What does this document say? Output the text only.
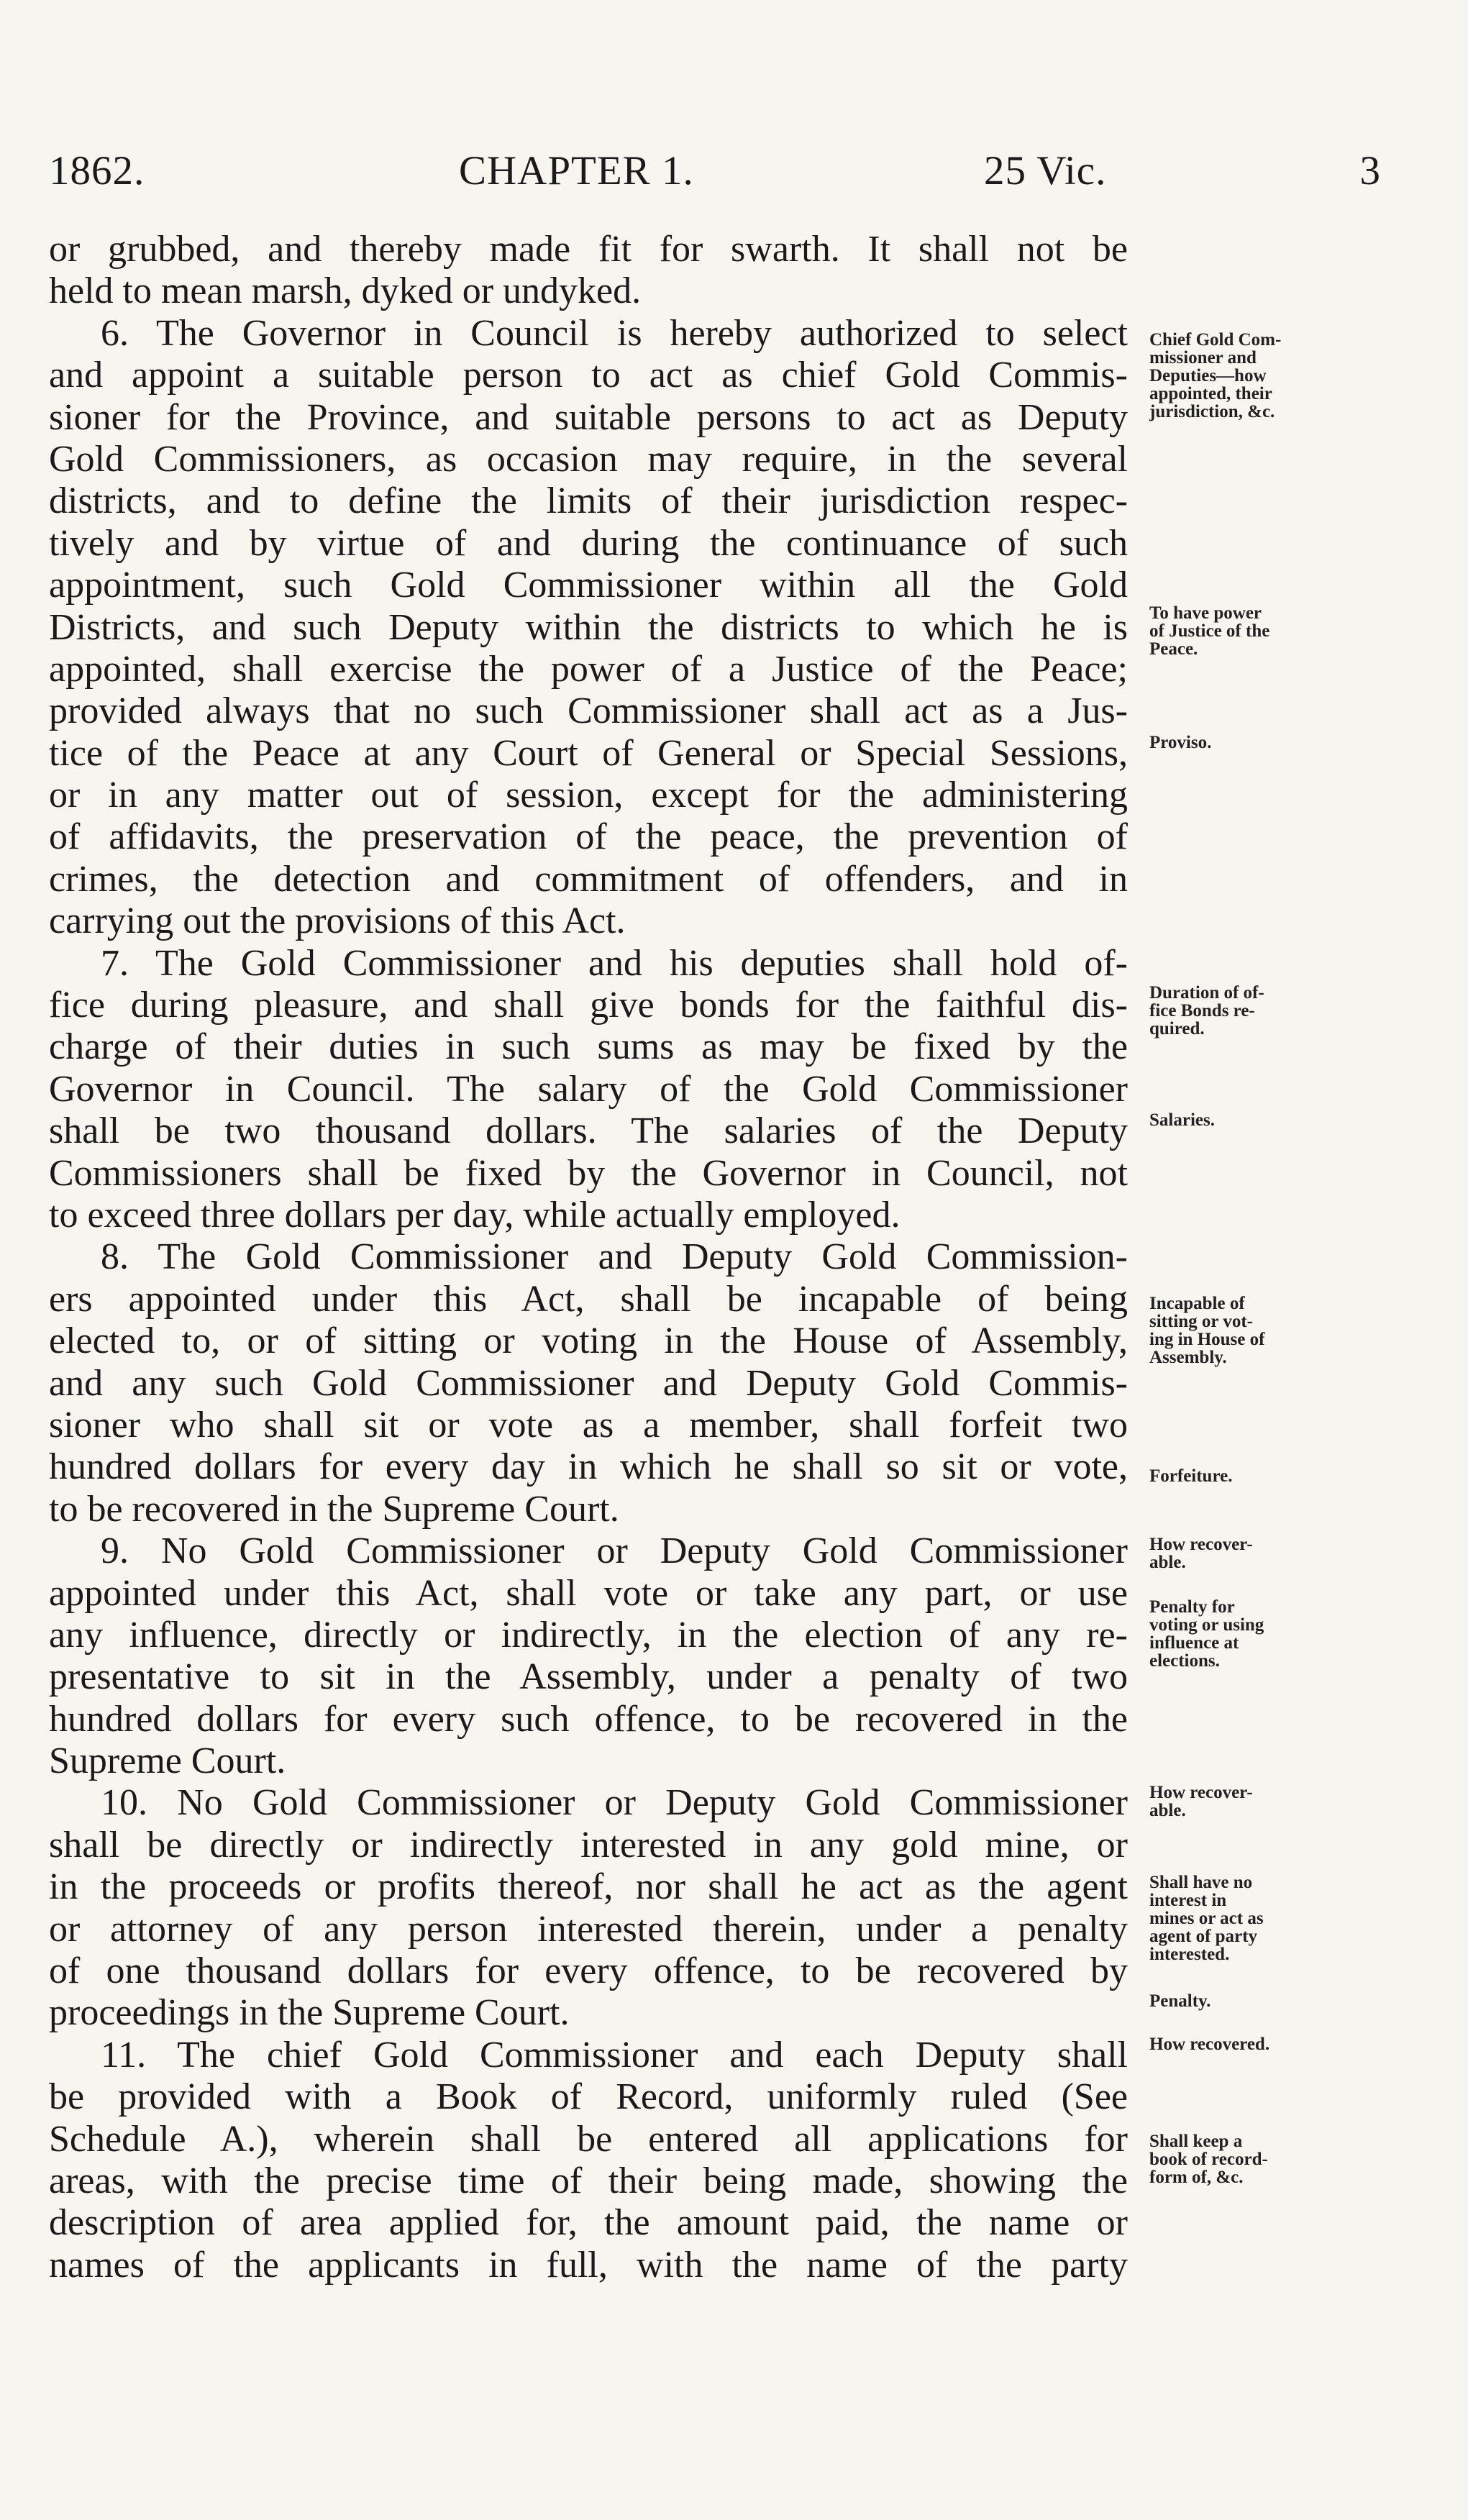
1862.	CHAPTER 1.	25 Vic.	3
or grubbed, and thereby made fit for swarth. It shall not be
held to mean marsh, dyked or undyked.
6. The Governor in Council is hereby authorized to select
and appoint a suitable person to act as chief Gold Commis-
sioner for the Province, and suitable persons to act as Deputy
Gold Commissioners, as occasion may require, in the several
districts, and to define the limits of their jurisdiction respec-
tively and by virtue of and during the continuance of such
appointment, such Gold Commissioner within all the Gold
Districts, and such Deputy within the districts to which he is
appointed, shall exercise the power of a Justice of the Peace;
provided always that no such Commissioner shall act as a Jus-
tice of the Peace at any Court of General or Special Sessions,
or in any matter out of session, except for the administering
of affidavits, the preservation of the peace, the prevention of
crimes, the detection and commitment of offenders, and in
carrying out the provisions of this Act.
7. The Gold Commissioner and his deputies shall hold of-
fice during pleasure, and shall give bonds for the faithful dis-
charge of their duties in such sums as may be fixed by the
Governor in Council. The salary of the Gold Commissioner
shall be two thousand dollars. The salaries of the Deputy
Commissioners shall be fixed by the Governor in Council, not
to exceed three dollars per day, while actually employed.
8. The Gold Commissioner and Deputy Gold Commission-
ers appointed under this Act, shall be incapable of being
elected to, or of sitting or voting in the House of Assembly,
and any such Gold Commissioner and Deputy Gold Commis-
sioner who shall sit or vote as a member, shall forfeit two
hundred dollars for every day in which he shall so sit or vote,
to be recovered in the Supreme Court.
9. No Gold Commissioner or Deputy Gold Commissioner
appointed under this Act, shall vote or take any part, or use
any influence, directly or indirectly, in the election of any re-
presentative to sit in the Assembly, under a penalty of two
hundred dollars for every such offence, to be recovered in the
Supreme Court.
10. No Gold Commissioner or Deputy Gold Commissioner
shall be directly or indirectly interested in any gold mine, or
in the proceeds or profits thereof, nor shall he act as the agent
or attorney of any person interested therein, under a penalty
of one thousand dollars for every offence, to be recovered by
proceedings in the Supreme Court.
11. The chief Gold Commissioner and each Deputy shall
be provided with a Book of Record, uniformly ruled (See
Schedule A.), wherein shall be entered all applications for
areas, with the precise time of their being made, showing the
description of area applied for, the amount paid, the name or
names of the applicants in full, with the name of the party
Chief Gold Com-
missioner and
Deputies—how
appointed, their
jurisdiction, &c.
To have power
of Justice of the
Peace.
Proviso.
Duration of of-
fice Bonds re-
quired.
Salaries.
Incapable of
sitting or vot-
ing in House of
Assembly.
Forfeiture.
How recover-
able.
Penalty for
voting or using
influence at
elections.
How recover-
able.
Shall have no
interest in
mines or act as
agent of party
interested.
Penalty.
How recovered.
Shall keep a
book of record-
form of, &c.
